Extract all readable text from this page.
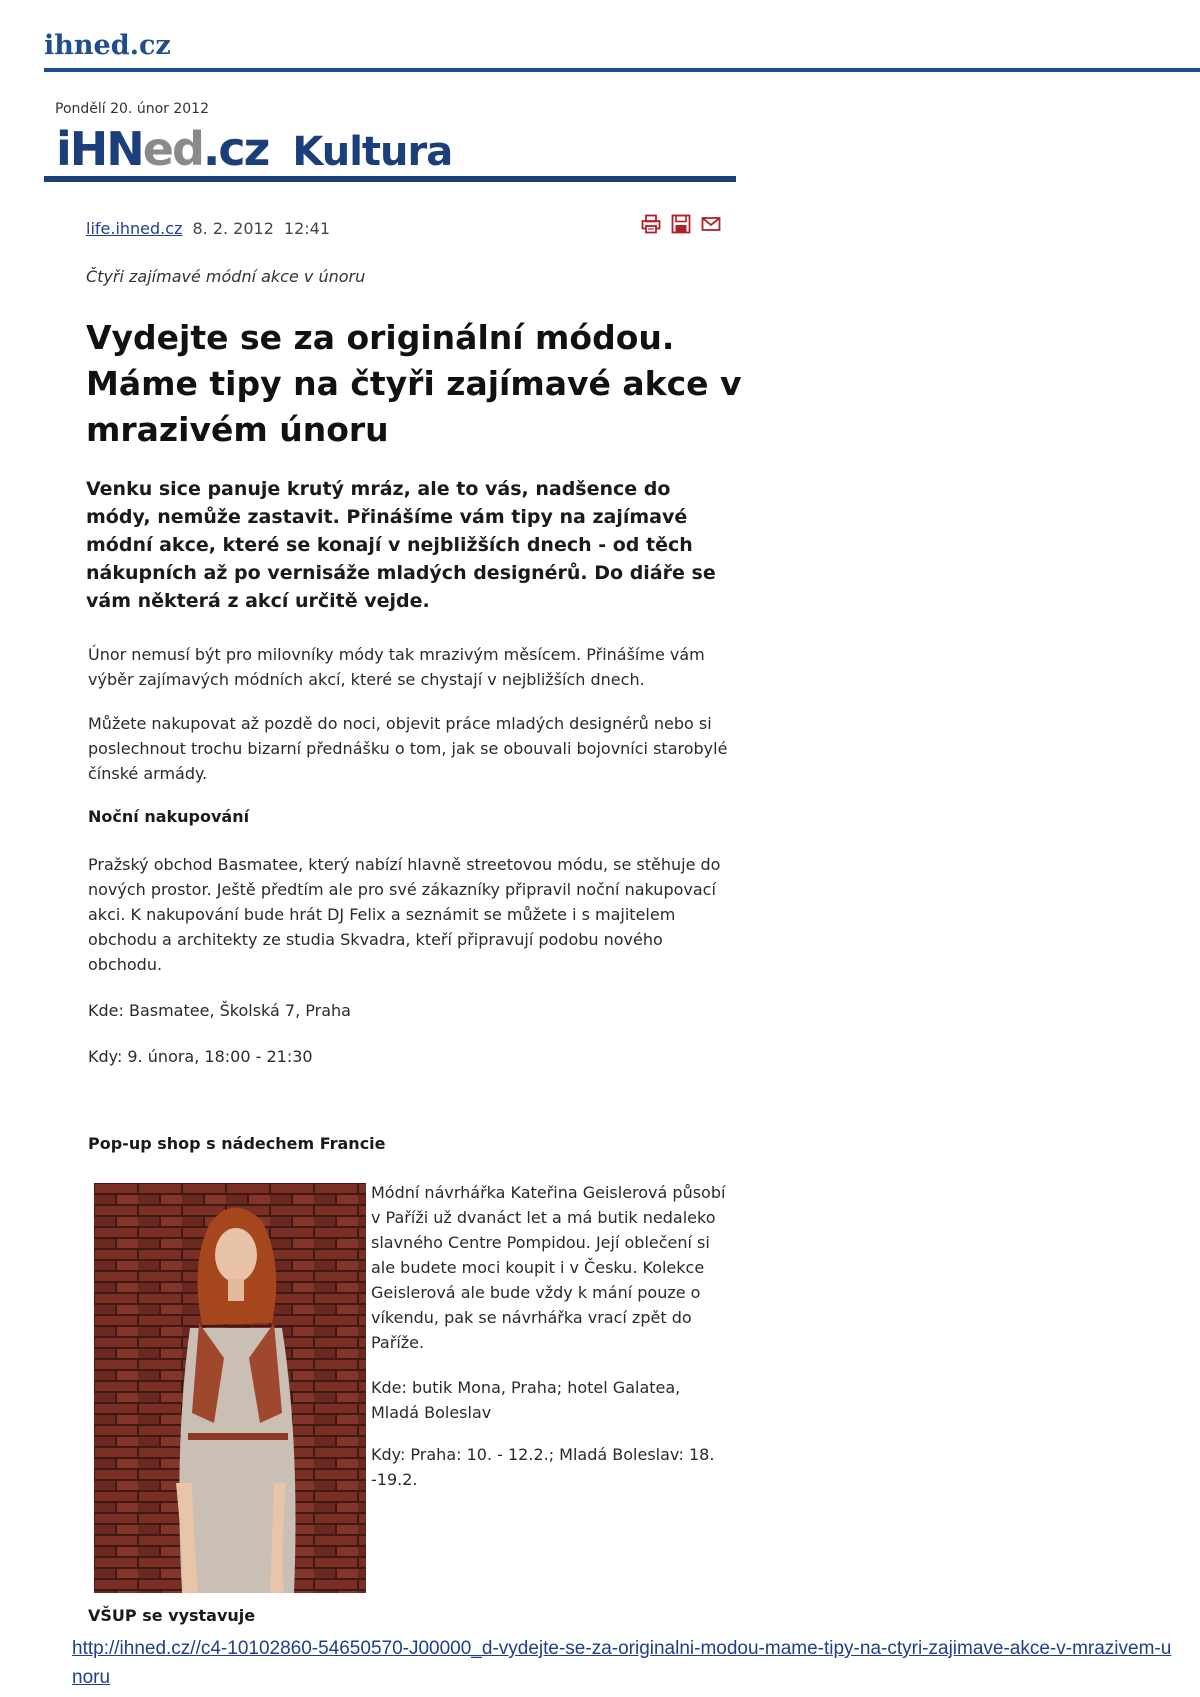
ihned.cz
Pondělí 20. únor 2012
iHNed.cz Kultura
life.ihned.cz 8. 2. 2012 12:41
Čtyři zajímavé módní akce v únoru
Vydejte se za originální módou. Máme tipy na čtyři zajímavé akce v mrazivém únoru

Venku sice panuje krutý mráz, ale to vás, nadšence do módy, nemůže zastavit. Přinášíme vám tipy na zajímavé módní akce, které se konají v nejbližších dnech - od těch nákupních až po vernisáže mladých designérů. Do diáře se vám některá z akcí určitě vejde.

Únor nemusí být pro milovníky módy tak mrazivým měsícem. Přinášíme vám výběr zajímavých módních akcí, které se chystají v nejbližších dnech.

Můžete nakupovat až pozdě do noci, objevit práce mladých designérů nebo si poslechnout trochu bizarní přednášku o tom, jak se obouvali bojovníci starobylé čínské armády.

Noční nakupování

Pražský obchod Basmatee, který nabízí hlavně streetovou módu, se stěhuje do nových prostor. Ještě předtím ale pro své zákazníky připravil noční nakupovací akci. K nakupování bude hrát DJ Felix a seznámit se můžete i s majitelem obchodu a architekty ze studia Skvadra, kteří připravují podobu nového obchodu.

Kde: Basmatee, Školská 7, Praha

Kdy: 9. února, 18:00 - 21:30

Pop-up shop s nádechem Francie

Módní návrhářka Kateřina Geislerová působí v Paříži už dvanáct let a má butik nedaleko slavného Centre Pompidou. Její oblečení si ale budete moci koupit i v Česku. Kolekce Geislerová ale bude vždy k mání pouze o víkendu, pak se návrhářka vrací zpět do Paříže.

Kde: butik Mona, Praha; hotel Galatea, Mladá Boleslav

Kdy: Praha: 10. - 12.2.; Mladá Boleslav: 18. -19.2.

VŠUP se vystavuje

http://ihned.cz//c4-10102860-54650570-J00000_d-vydejte-se-za-originalni-modou-mame-tipy-na-ctyri-zajimave-akce-v-mrazivem-unoru
